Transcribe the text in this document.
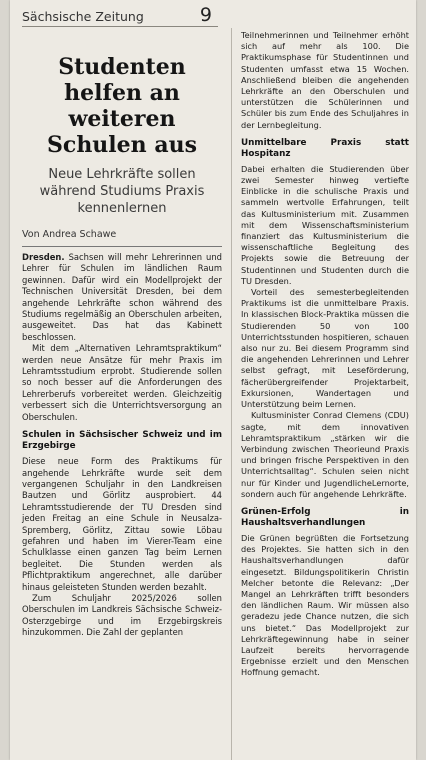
Sächsische Zeitung	9
Studenten helfen an weiteren Schulen aus

Neue Lehrkräfte sollen während Studiums Praxis kennenlernen

Von Andrea Schawe

Dresden. Sachsen will mehr Lehrerinnen und Lehrer für Schulen im ländlichen Raum gewinnen. Dafür wird ein Modellprojekt der Technischen Universität Dresden, bei dem angehende Lehrkräfte schon während des Studiums regelmäßig an Oberschulen arbeiten, ausgeweitet. Das hat das Kabinett beschlossen.

Mit dem „Alternativen Lehramtspraktikum“ werden neue Ansätze für mehr Praxis im Lehramtsstudium erprobt. Studierende sollen so noch besser auf die Anforderungen des Lehrerberufs vorbereitet werden. Gleichzeitig verbessert sich die Unterrichtsversorgung an Oberschulen.

Schulen in Sächsischer Schweiz und im Erzgebirge

Diese neue Form des Praktikums für angehende Lehrkräfte wurde seit dem vergangenen Schuljahr in den Landkreisen Bautzen und Görlitz ausprobiert. 44 Lehramtsstudierende der TU Dresden sind jeden Freitag an eine Schule in Neusalza-Spremberg, Görlitz, Zittau sowie Löbau gefahren und haben im Vierer-Team eine Schulklasse einen ganzen Tag beim Lernen begleitet. Die Stunden werden als Pflichtpraktikum angerechnet, alle darüber hinaus geleisteten Stunden werden bezahlt.

Zum Schuljahr 2025/2026 sollen Oberschulen im Landkreis Sächsische Schweiz-Osterzgebirge und im Erzgebirgskreis hinzukommen. Die Zahl der geplanten

Teilnehmerinnen und Teilnehmer erhöht sich auf mehr als 100. Die Praktikumsphase für Studentinnen und Studenten umfasst etwa 15 Wochen. Anschließend bleiben die angehenden Lehrkräfte an den Oberschulen und unterstützen die Schülerinnen und Schüler bis zum Ende des Schuljahres in der Lernbegleitung.

Unmittelbare Praxis statt Hospitanz

Dabei erhalten die Studierenden über zwei Semester hinweg vertiefte Einblicke in die schulische Praxis und sammeln wertvolle Erfahrungen, teilt das Kultusministerium mit. Zusammen mit dem Wissenschaftsministerium finanziert das Kultusministerium die wissenschaftliche Begleitung des Projekts sowie die Betreuung der Studentinnen und Studenten durch die TU Dresden.

Vorteil des semesterbegleitenden Praktikums ist die unmittelbare Praxis. In klassischen Block-Praktika müssen die Studierenden 50 von 100 Unterrichtsstunden hospitieren, schauen also nur zu. Bei diesem Programm sind die angehenden Lehrerinnen und Lehrer selbst gefragt, mit Leseförderung, fächerübergreifender Projektarbeit, Exkursionen, Wandertagen und Unterstützung beim Lernen.

Kultusminister Conrad Clemens (CDU) sagte, mit dem innovativen Lehramtspraktikum „stärken wir die Verbindung zwischen Theorieund Praxis und bringen frische Perspektiven in den Unterrichtsalltag“. Schulen seien nicht nur für Kinder und JugendlicheLernorte, sondern auch für angehende Lehrkräfte.

Grünen-Erfolg in Haushaltsverhandlungen

Die Grünen begrüßten die Fortsetzung des Projektes. Sie hatten sich in den Haushaltsverhandlungen dafür eingesetzt. Bildungspolitikerin Christin Melcher betonte die Relevanz: „Der Mangel an Lehrkräften trifft besonders den ländlichen Raum. Wir müssen also geradezu jede Chance nutzen, die sich uns bietet.“ Das Modellprojekt zur Lehrkräftegewinnung habe in seiner Laufzeit bereits hervorragende Ergebnisse erzielt und den Menschen Hoffnung gemacht.
